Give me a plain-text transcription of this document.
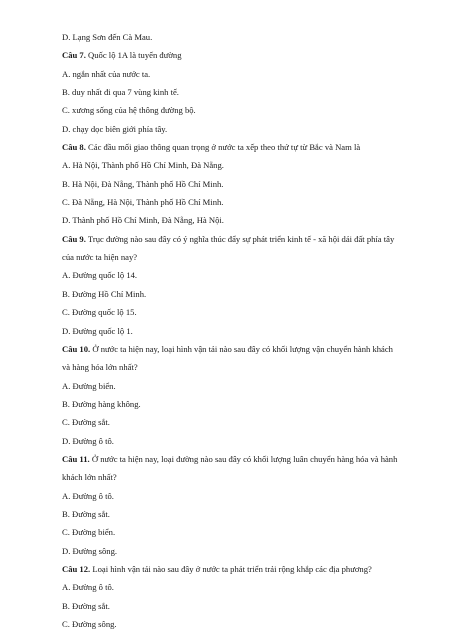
D. Lạng Sơn đến Cà Mau.
Câu 7. Quốc lộ 1A là tuyến đường
A. ngắn nhất của nước ta.
B. duy nhất đi qua 7 vùng kinh tế.
C. xương sống của hệ thông đường bộ.
D. chạy dọc biên giới phía tây.
Câu 8. Các đầu mối giao thông quan trọng ở nước ta xếp theo thứ tự từ Bắc và Nam là
A. Hà Nội, Thành phố Hồ Chí Minh, Đà Nẵng.
B. Hà Nội, Đà Nẵng, Thành phố Hồ Chí Minh.
C. Đà Nẵng, Hà Nội, Thành phố Hồ Chí Minh.
D. Thành phố Hồ Chí Minh, Đà Nẵng, Hà Nội.
Câu 9. Trục đường nào sau đây có ý nghĩa thúc đẩy sự phát triển kinh tế - xã hội dải đất phía tây
của nước ta hiện nay?
A. Đường quốc lộ 14.
B. Đường Hồ Chí Minh.
C. Đường quốc lộ 15.
D. Đường quốc lộ 1.
Câu 10. Ở nước ta hiện nay, loại hình vận tải nào sau đây có khối lượng vận chuyển hành khách
và hàng hóa lớn nhất?
A. Đường biển.
B. Đường hàng không.
C. Đường sắt.
D. Đường ô tô.
Câu 11. Ở nước ta hiện nay, loại đường nào sau đây có khối lượng luân chuyển hàng hóa và hành
khách lớn nhất?
A. Đường ô tô.
B. Đường sắt.
C. Đường biển.
D. Đường sông.
Câu 12. Loại hình vận tải nào sau đây ở nước ta phát triển trải rộng khắp các địa phương?
A. Đường ô tô.
B. Đường sắt.
C. Đường sông.
